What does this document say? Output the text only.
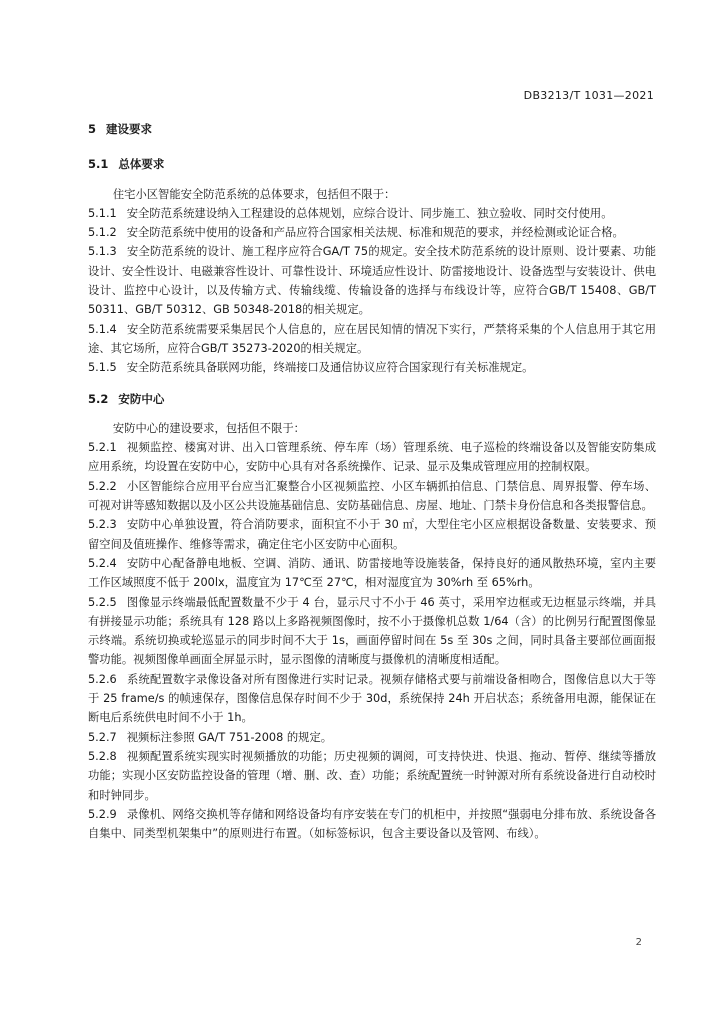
DB3213/T 1031—2021
5 建设要求
5.1 总体要求

住宅小区智能安全防范系统的总体要求，包括但不限于：

5.1.1 安全防范系统建设纳入工程建设的总体规划，应综合设计、同步施工、独立验收、同时交付使用。

5.1.2 安全防范系统中使用的设备和产品应符合国家相关法规、标准和规范的要求，并经检测或论证合格。

5.1.3 安全防范系统的设计、施工程序应符合GA/T 75的规定。安全技术防范系统的设计原则、设计要素、功能设计、安全性设计、电磁兼容性设计、可靠性设计、环境适应性设计、防雷接地设计、设备选型与安装设计、供电设计、监控中心设计，以及传输方式、传输线缆、传输设备的选择与布线设计等，应符合GB/T 15408、GB/T 50311、GB/T 50312、GB 50348-2018的相关规定。

5.1.4 安全防范系统需要采集居民个人信息的，应在居民知情的情况下实行，严禁将采集的个人信息用于其它用途、其它场所，应符合GB/T 35273-2020的相关规定。

5.1.5 安全防范系统具备联网功能，终端接口及通信协议应符合国家现行有关标准规定。

5.2 安防中心

安防中心的建设要求，包括但不限于：

5.2.1 视频监控、楼寓对讲、出入口管理系统、停车库（场）管理系统、电子巡检的终端设备以及智能安防集成应用系统，均设置在安防中心，安防中心具有对各系统操作、记录、显示及集成管理应用的控制权限。

5.2.2 小区智能综合应用平台应当汇聚整合小区视频监控、小区车辆抓拍信息、门禁信息、周界报警、停车场、可视对讲等感知数据以及小区公共设施基础信息、安防基础信息、房屋、地址、门禁卡身份信息和各类报警信息。

5.2.3 安防中心单独设置，符合消防要求，面积宜不小于 30 ㎡，大型住宅小区应根据设备数量、安装要求、预留空间及值班操作、维修等需求，确定住宅小区安防中心面积。

5.2.4 安防中心配备静电地板、空调、消防、通讯、防雷接地等设施装备，保持良好的通风散热环境，室内主要工作区域照度不低于 200lx，温度宜为 17℃至 27℃，相对湿度宜为 30%rh 至 65%rh。

5.2.5 图像显示终端最低配置数量不少于 4 台，显示尺寸不小于 46 英寸，采用窄边框或无边框显示终端，并具有拼接显示功能；系统具有 128 路以上多路视频图像时，按不小于摄像机总数 1/64（含）的比例另行配置图像显示终端。系统切换或轮巡显示的同步时间不大于 1s，画面停留时间在 5s 至 30s 之间，同时具备主要部位画面报警功能。视频图像单画面全屏显示时，显示图像的清晰度与摄像机的清晰度相适配。

5.2.6 系统配置数字录像设备对所有图像进行实时记录。视频存储格式要与前端设备相吻合，图像信息以大于等于 25 frame/s 的帧速保存，图像信息保存时间不少于 30d，系统保持 24h 开启状态；系统备用电源，能保证在断电后系统供电时间不小于 1h。

5.2.7 视频标注参照 GA/T 751-2008 的规定。

5.2.8 视频配置系统实现实时视频播放的功能；历史视频的调阅，可支持快进、快退、拖动、暂停、继续等播放功能；实现小区安防监控设备的管理（增、删、改、查）功能；系统配置统一时钟源对所有系统设备进行自动校时和时钟同步。

5.2.9 录像机、网络交换机等存储和网络设备均有序安装在专门的机柜中，并按照“强弱电分排布放、系统设备各自集中、同类型机架集中”的原则进行布置。（如标签标识，包含主要设备以及管网、布线）。

2
